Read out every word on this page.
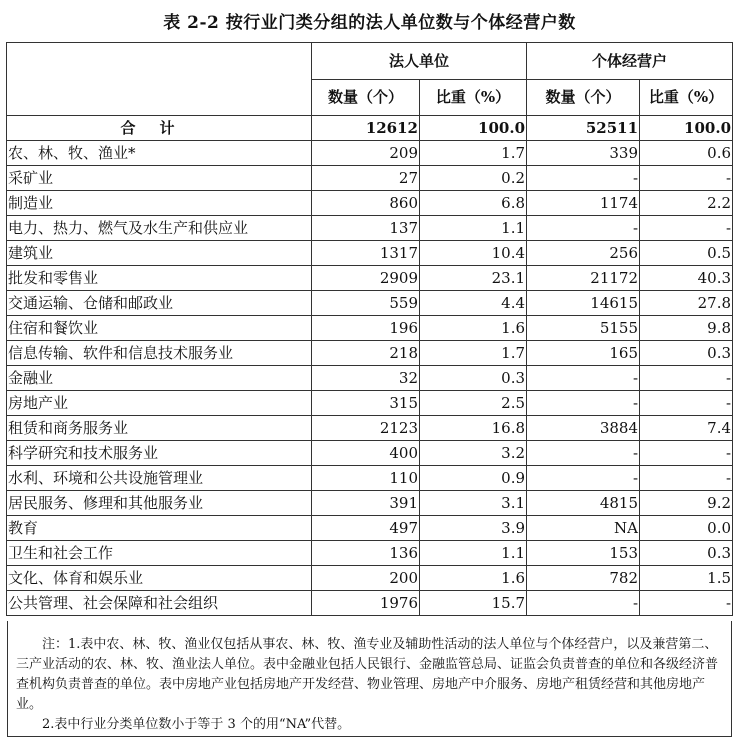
表 2-2 按行业门类分组的法人单位数与个体经营户数
	法人单位		个体经营户	
	数量（个）	比重（%）	数量（个）	比重（%）
合计	12612	100.0	52511	100.0
农、林、牧、渔业*	209	1.7	339	0.6
采矿业	27	0.2	-	-
制造业	860	6.8	1174	2.2
电力、热力、燃气及水生产和供应业	137	1.1	-	-
建筑业	1317	10.4	256	0.5
批发和零售业	2909	23.1	21172	40.3
交通运输、仓储和邮政业	559	4.4	14615	27.8
住宿和餐饮业	196	1.6	5155	9.8
信息传输、软件和信息技术服务业	218	1.7	165	0.3
金融业	32	0.3	-	-
房地产业	315	2.5	-	-
租赁和商务服务业	2123	16.8	3884	7.4
科学研究和技术服务业	400	3.2	-	-
水利、环境和公共设施管理业	110	0.9	-	-
居民服务、修理和其他服务业	391	3.1	4815	9.2
教育	497	3.9	NA	0.0
卫生和社会工作	136	1.1	153	0.3
文化、体育和娱乐业	200	1.6	782	1.5
公共管理、社会保障和社会组织	1976	15.7	-	-

注：1.表中农、林、牧、渔业仅包括从事农、林、牧、渔专业及辅助性活动的法人单位与个体经营户，以及兼营第二、三产业活动的农、林、牧、渔业法人单位。表中金融业包括人民银行、金融监管总局、证监会负责普查的单位和各级经济普查机构负责普查的单位。表中房地产业包括房地产开发经营、物业管理、房地产中介服务、房地产租赁经营和其他房地产业。

2.表中行业分类单位数小于等于 3 个的用“NA”代替。
